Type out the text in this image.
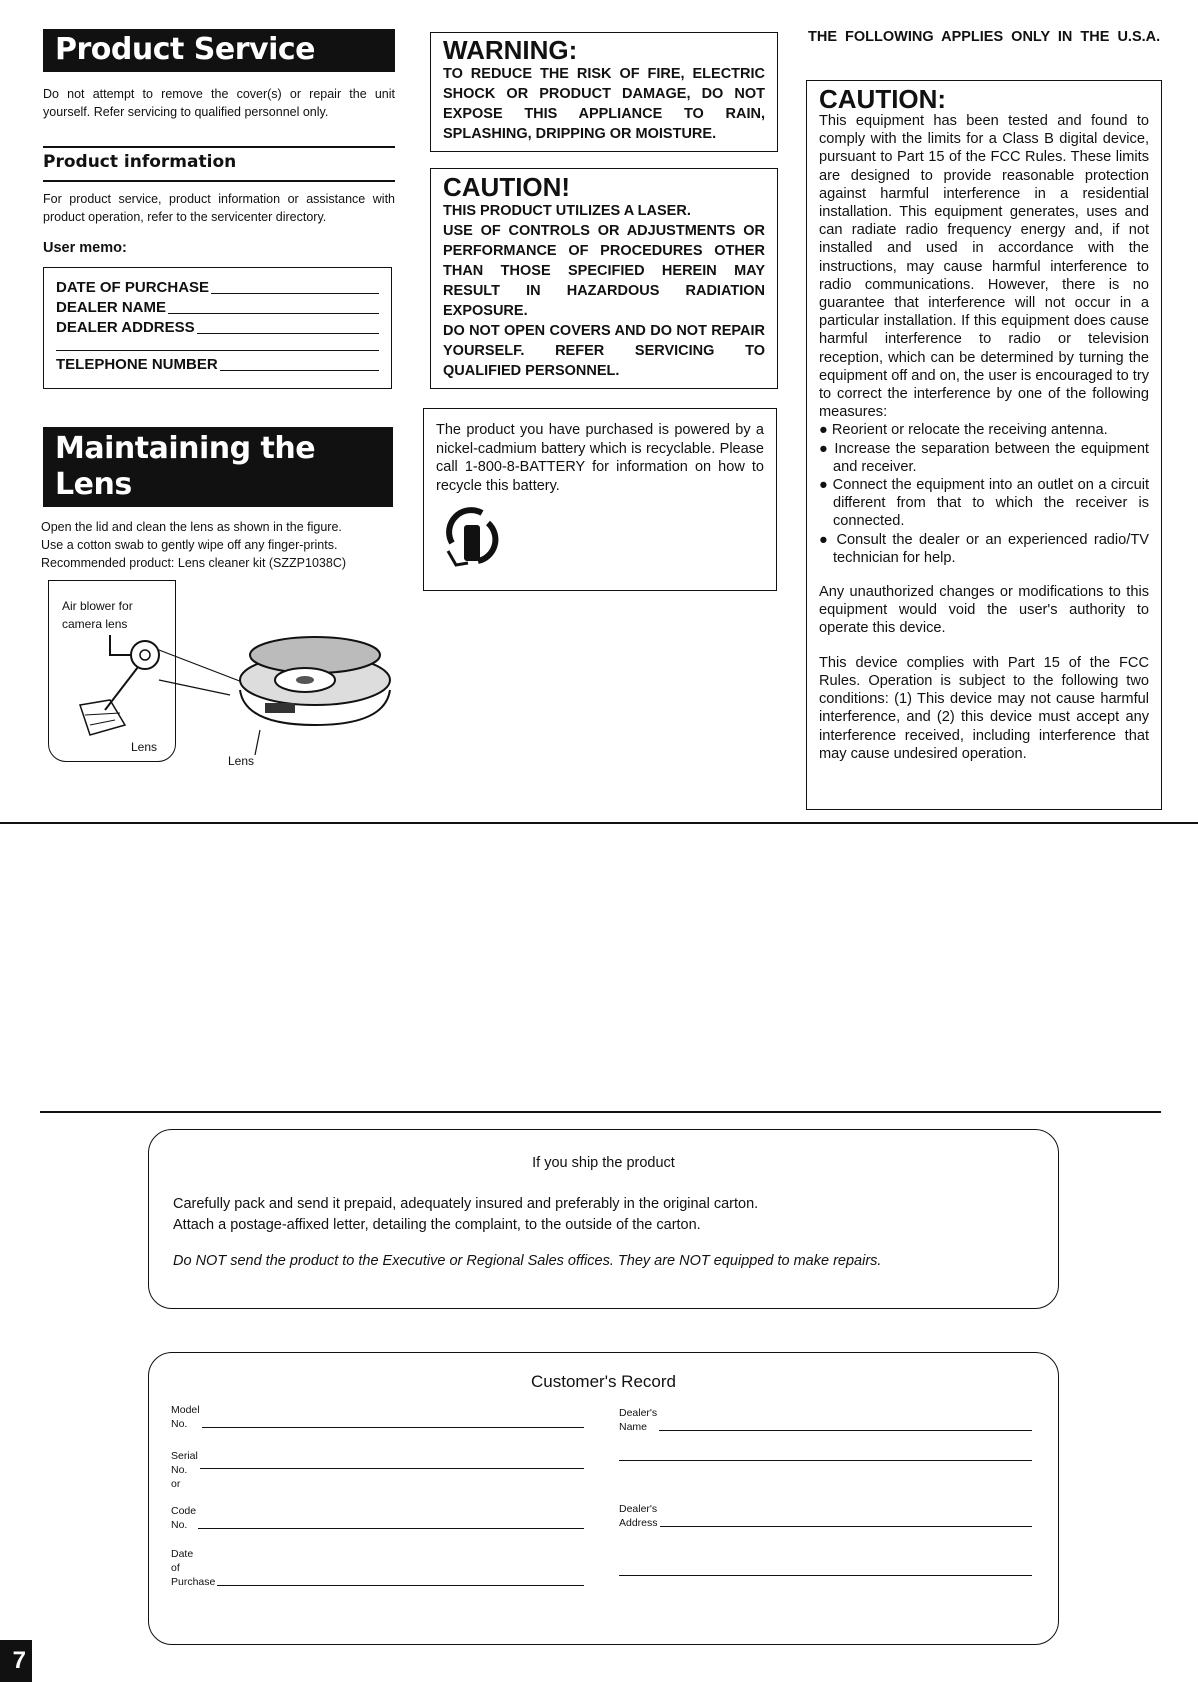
Product Service
Do not attempt to remove the cover(s) or repair the unit yourself. Refer servicing to qualified personnel only.
Product information
For product service, product information or assistance with product operation, refer to the servicenter directory.
User memo:
DATE OF PURCHASE
DEALER NAME
DEALER ADDRESS
TELEPHONE NUMBER
Maintaining the
Lens
Open the lid and clean the lens as shown in the figure.
Use a cotton swab to gently wipe off any finger-prints.
Recommended product: Lens cleaner kit (SZZP1038C)
Air blower for camera lens
Lens
Lens
WARNING:
TO REDUCE THE RISK OF FIRE, ELECTRIC SHOCK OR PRODUCT DAMAGE, DO NOT EXPOSE THIS APPLIANCE TO RAIN, SPLASHING, DRIPPING OR MOISTURE.
CAUTION!
THIS PRODUCT UTILIZES A LASER.
USE OF CONTROLS OR ADJUSTMENTS OR PERFORMANCE OF PROCEDURES OTHER THAN THOSE SPECIFIED HEREIN MAY RESULT IN HAZARDOUS RADIATION EXPOSURE.
DO NOT OPEN COVERS AND DO NOT REPAIR YOURSELF. REFER SERVICING TO QUALIFIED PERSONNEL.
The product you have purchased is powered by a nickel-cadmium battery which is recyclable. Please call 1-800-8-BATTERY for information on how to recycle this battery.
THE FOLLOWING APPLIES ONLY IN THE U.S.A.
CAUTION:
This equipment has been tested and found to comply with the limits for a Class B digital device, pursuant to Part 15 of the FCC Rules. These limits are designed to provide reasonable protection against harmful interference in a residential installation. This equipment generates, uses and can radiate radio frequency energy and, if not installed and used in accordance with the instructions, may cause harmful interference to radio communications. However, there is no guarantee that interference will not occur in a particular installation. If this equipment does cause harmful interference to radio or television reception, which can be determined by turning the equipment off and on, the user is encouraged to try to correct the interference by one of the following measures:
● Reorient or relocate the receiving antenna.
● Increase the separation between the equipment and receiver.
● Connect the equipment into an outlet on a circuit different from that to which the receiver is connected.
● Consult the dealer or an experienced radio/TV technician for help.
Any unauthorized changes or modifications to this equipment would void the user's authority to operate this device.
This device complies with Part 15 of the FCC Rules. Operation is subject to the following two conditions: (1) This device may not cause harmful interference, and (2) this device must accept any interference received, including interference that may cause undesired operation.
If you ship the product
Carefully pack and send it prepaid, adequately insured and preferably in the original carton.
Attach a postage-affixed letter, detailing the complaint, to the outside of the carton.
Do NOT send the product to the Executive or Regional Sales offices. They are NOT equipped to make repairs.
Customer's Record
Model
No.
Serial
No.
or
Code
No.
Date
of
Purchase
Dealer's
Name
Dealer's
Address
7
